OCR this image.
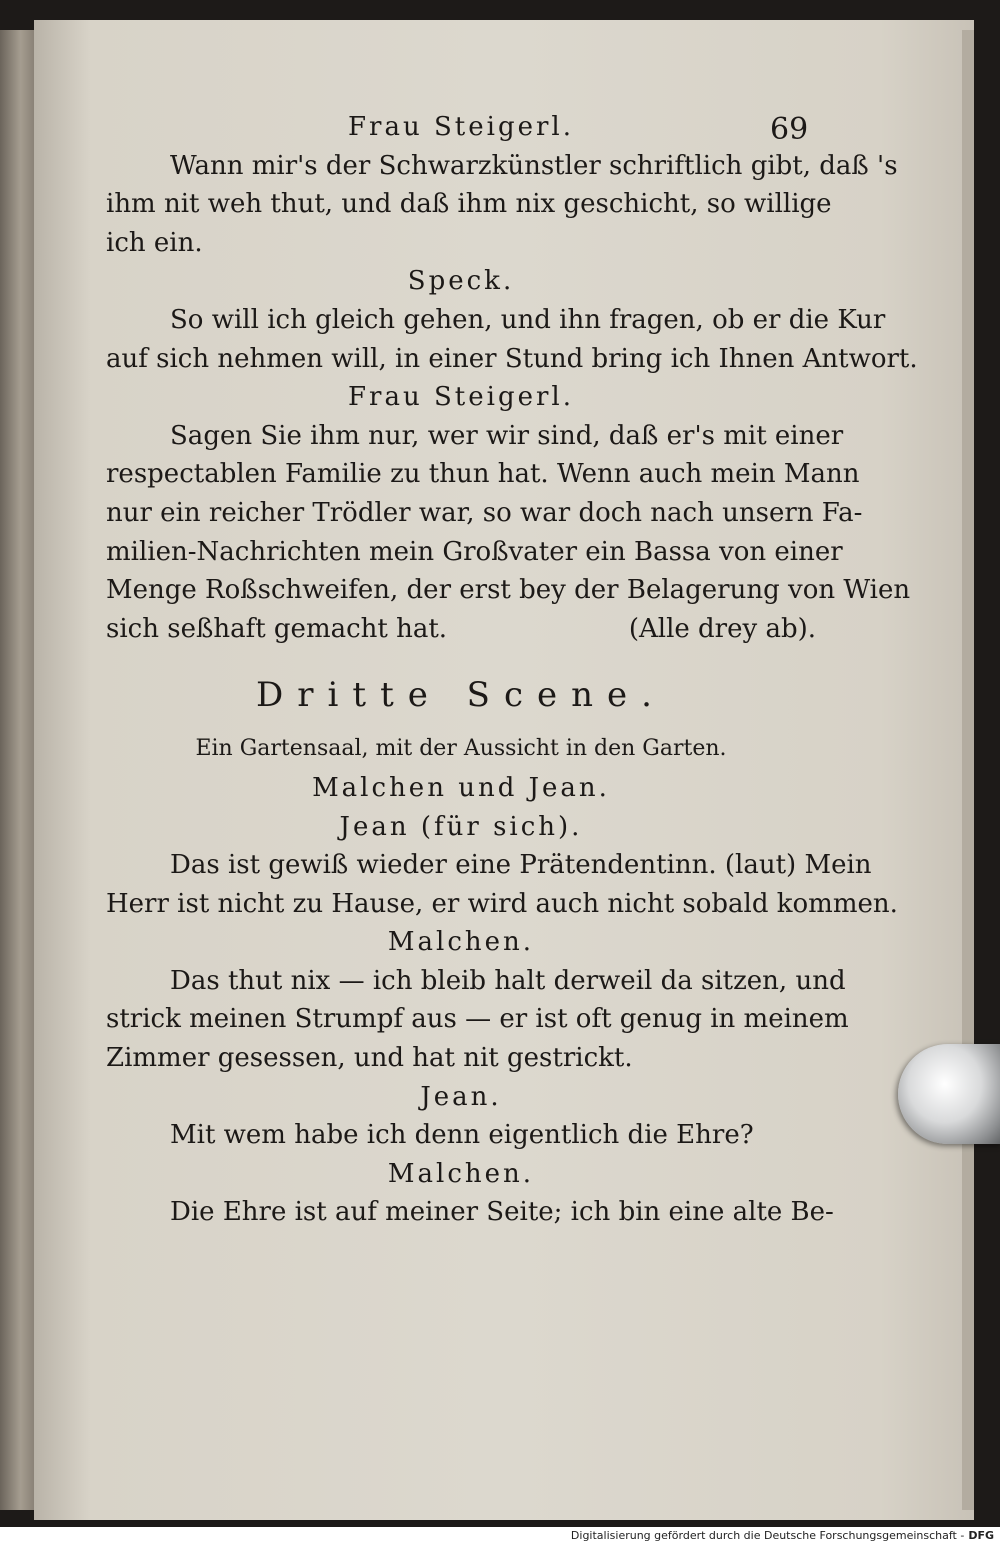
69
Frau Steigerl.
Wann mir's der Schwarzkünstler schriftlich gibt, daß 's
ihm nit weh thut, und daß ihm nix geschicht, so willige
ich ein.
Speck.
So will ich gleich gehen, und ihn fragen, ob er die Kur
auf sich nehmen will, in einer Stund bring ich Ihnen Antwort.
Frau Steigerl.
Sagen Sie ihm nur, wer wir sind, daß er's mit einer
respectablen Familie zu thun hat. Wenn auch mein Mann
nur ein reicher Trödler war, so war doch nach unsern Fa-
milien-Nachrichten mein Großvater ein Bassa von einer
Menge Roßschweifen, der erst bey der Belagerung von Wien
sich seßhaft gemacht hat.	(Alle drey ab).
Dritte Scene.
Ein Gartensaal, mit der Aussicht in den Garten.
Malchen und Jean.
Jean (für sich).
Das ist gewiß wieder eine Prätendentinn. (laut) Mein
Herr ist nicht zu Hause, er wird auch nicht sobald kommen.
Malchen.
Das thut nix — ich bleib halt derweil da sitzen, und
strick meinen Strumpf aus — er ist oft genug in meinem
Zimmer gesessen, und hat nit gestrickt.
Jean.
Mit wem habe ich denn eigentlich die Ehre?
Malchen.
Die Ehre ist auf meiner Seite; ich bin eine alte Be-
Digitalisierung gefördert durch die Deutsche Forschungsgemeinschaft - DFG
